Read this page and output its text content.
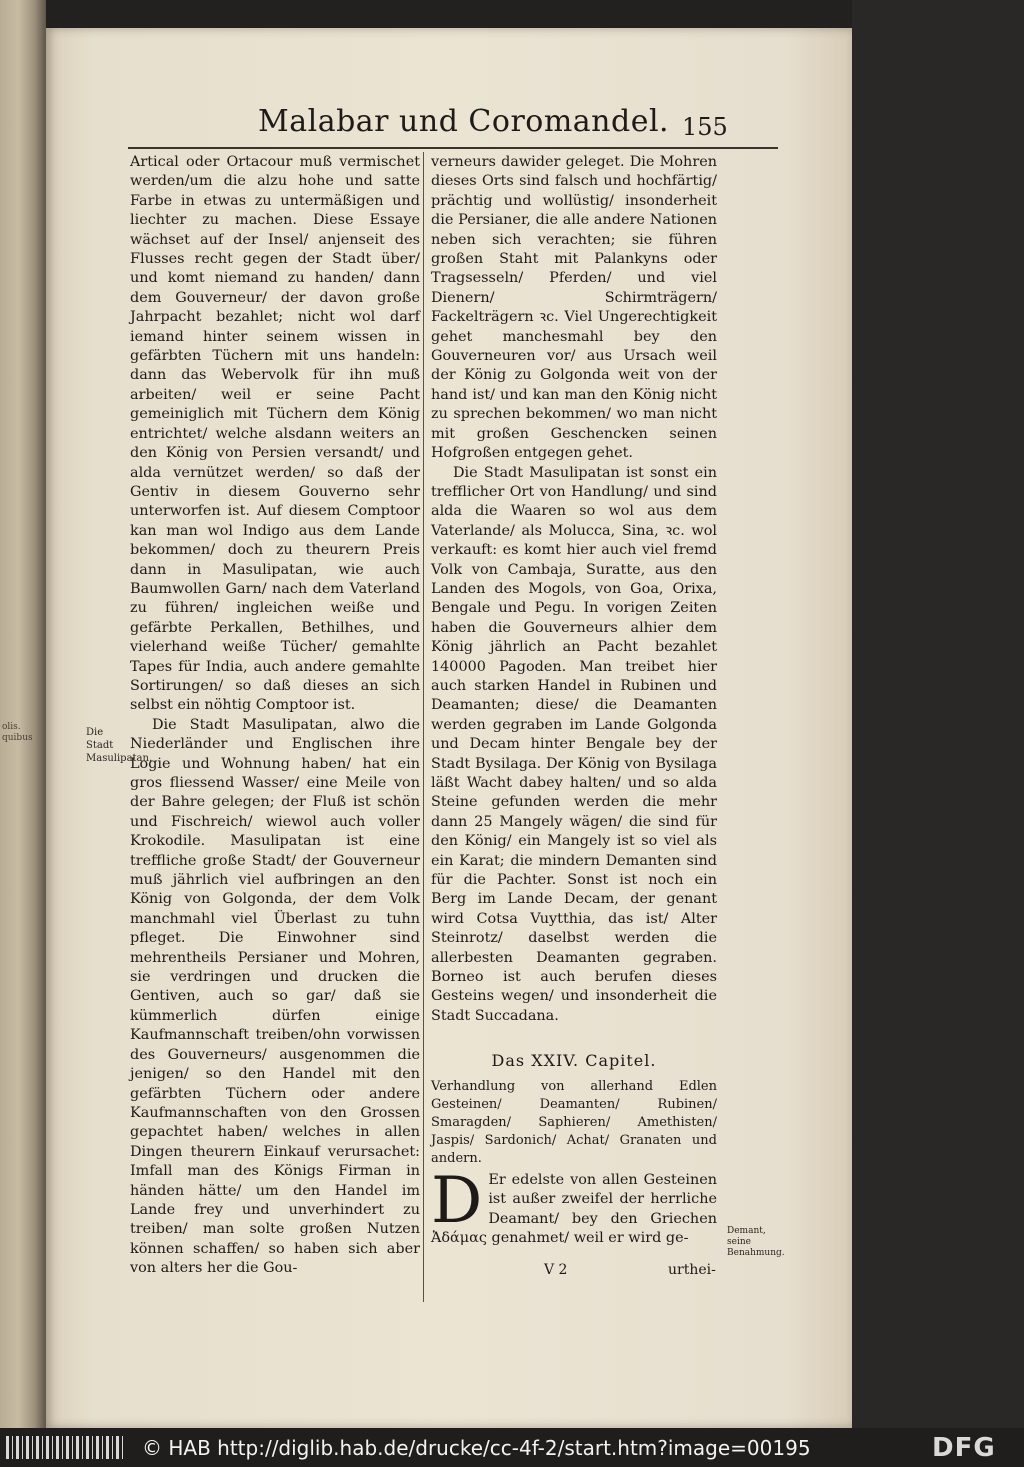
olis. quibus
Malabar und Coromandel. 155
Die Stadt Masulipatan.

Artical oder Ortacour muß vermischet werden/um die alzu hohe und satte Farbe in etwas zu untermäßigen und liechter zu machen. Diese Essaye wächset auf der Insel/ anjenseit des Flusses recht gegen der Stadt über/ und komt niemand zu handen/ dann dem Gouverneur/ der davon große Jahrpacht bezahlet; nicht wol darf iemand hinter seinem wissen in gefärbten Tüchern mit uns handeln: dann das Webervolk für ihn muß arbeiten/ weil er seine Pacht gemeiniglich mit Tüchern dem König entrichtet/ welche alsdann weiters an den König von Persien versandt/ und alda vernützet werden/ so daß der Gentiv in diesem Gouverno sehr unterworfen ist. Auf diesem Comptoor kan man wol Indigo aus dem Lande bekommen/ doch zu theurern Preis dann in Masulipatan, wie auch Baumwollen Garn/ nach dem Vaterland zu führen/ ingleichen weiße und gefärbte Perkallen, Bethilhes, und vielerhand weiße Tücher/ gemahlte Tapes für India, auch andere gemahlte Sortirungen/ so daß dieses an sich selbst ein nöhtig Comptoor ist.

Die Stadt Masulipatan, alwo die Niederländer und Englischen ihre Logie und Wohnung haben/ hat ein gros fliessend Wasser/ eine Meile von der Bahre gelegen; der Fluß ist schön und Fischreich/ wiewol auch voller Krokodile. Masulipatan ist eine treffliche große Stadt/ der Gouverneur muß jährlich viel aufbringen an den König von Golgonda, der dem Volk manchmahl viel Überlast zu tuhn pfleget. Die Einwohner sind mehrentheils Persianer und Mohren, sie verdringen und drucken die Gentiven, auch so gar/ daß sie kümmerlich dürfen einige Kaufmannschaft treiben/ohn vorwissen des Gouverneurs/ ausgenommen die jenigen/ so den Handel mit den gefärbten Tüchern oder andere Kaufmannschaften von den Grossen gepachtet haben/ welches in allen Dingen theurern Einkauf verursachet: Imfall man des Königs Firman in händen hätte/ um den Handel im Lande frey und unverhindert zu treiben/ man solte großen Nutzen können schaffen/ so haben sich aber von alters her die Gou-

verneurs dawider geleget. Die Mohren dieses Orts sind falsch und hochfärtig/ prächtig und wollüstig/ insonderheit die Persianer, die alle andere Nationen neben sich verachten; sie führen großen Staht mit Palankyns oder Tragsesseln/ Pferden/ und viel Dienern/ Schirmträgern/ Fackelträgern ꝛc. Viel Ungerechtigkeit gehet manchesmahl bey den Gouverneuren vor/ aus Ursach weil der König zu Golgonda weit von der hand ist/ und kan man den König nicht zu sprechen bekommen/ wo man nicht mit großen Geschencken seinen Hofgroßen entgegen gehet.

Die Stadt Masulipatan ist sonst ein trefflicher Ort von Handlung/ und sind alda die Waaren so wol aus dem Vaterlande/ als Molucca, Sina, ꝛc. wol verkauft: es komt hier auch viel fremd Volk von Cambaja, Suratte, aus den Landen des Mogols, von Goa, Orixa, Bengale und Pegu. In vorigen Zeiten haben die Gouverneurs alhier dem König jährlich an Pacht bezahlet 140000 Pagoden. Man treibet hier auch starken Handel in Rubinen und Deamanten; diese/ die Deamanten werden gegraben im Lande Golgonda und Decam hinter Bengale bey der Stadt Bysilaga. Der König von Bysilaga läßt Wacht dabey halten/ und so alda Steine gefunden werden die mehr dann 25 Mangely wägen/ die sind für den König/ ein Mangely ist so viel als ein Karat; die mindern Demanten sind für die Pachter. Sonst ist noch ein Berg im Lande Decam, der genant wird Cotsa Vuytthia, das ist/ Alter Steinrotz/ daselbst werden die allerbesten Deamanten gegraben. Borneo ist auch berufen dieses Gesteins wegen/ und insonderheit die Stadt Succadana.

Das XXIV. Capitel.
Verhandlung von allerhand Edlen Gesteinen/ Deamanten/ Rubinen/ Smaragden/ Saphieren/ Amethisten/ Jaspis/ Sardonich/ Achat/ Granaten und andern.
D Er edelste von allen Gesteinen ist außer zweifel der herrliche Deamant/ bey den Griechen Ἀδάμας genahmet/ weil er wird ge-	Demant, seine Benahmung.
V 2	urthei-
© HAB http://diglib.hab.de/drucke/cc-4f-2/start.htm?image=00195	DFG
